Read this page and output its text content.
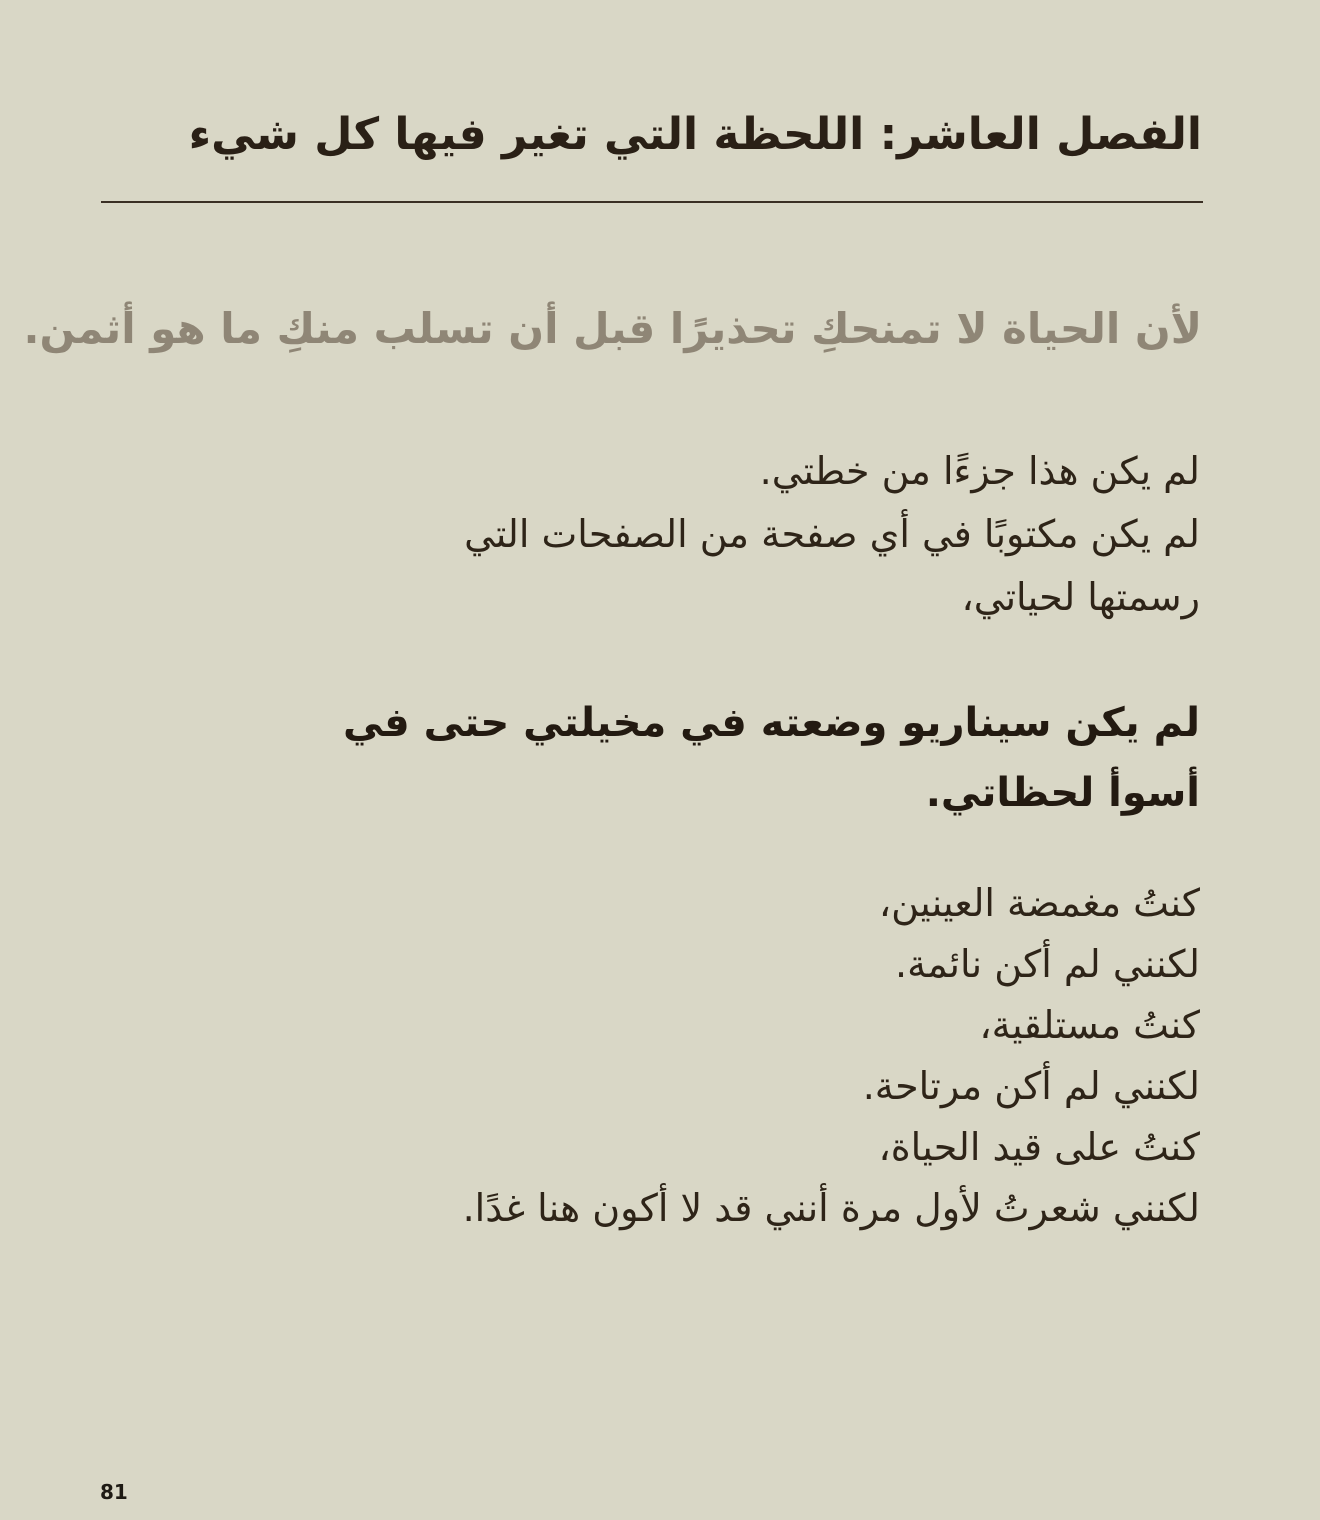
الفصل العاشر: اللحظة التي تغير فيها كل شيء

لأن الحياة لا تمنحكِ تحذيرًا قبل أن تسلب منكِ ما هو أثمن.

لم يكن هذا جزءًا من خطتي.
لم يكن مكتوبًا في أي صفحة من الصفحات التي
رسمتها لحياتي،

لم يكن سيناريو وضعته في مخيلتي حتى في
أسوأ لحظاتي.

كنتُ مغمضة العينين،
لكنني لم أكن نائمة.
كنتُ مستلقية،
لكنني لم أكن مرتاحة.
كنتُ على قيد الحياة،
لكنني شعرتُ لأول مرة أنني قد لا أكون هنا غدًا.

81
